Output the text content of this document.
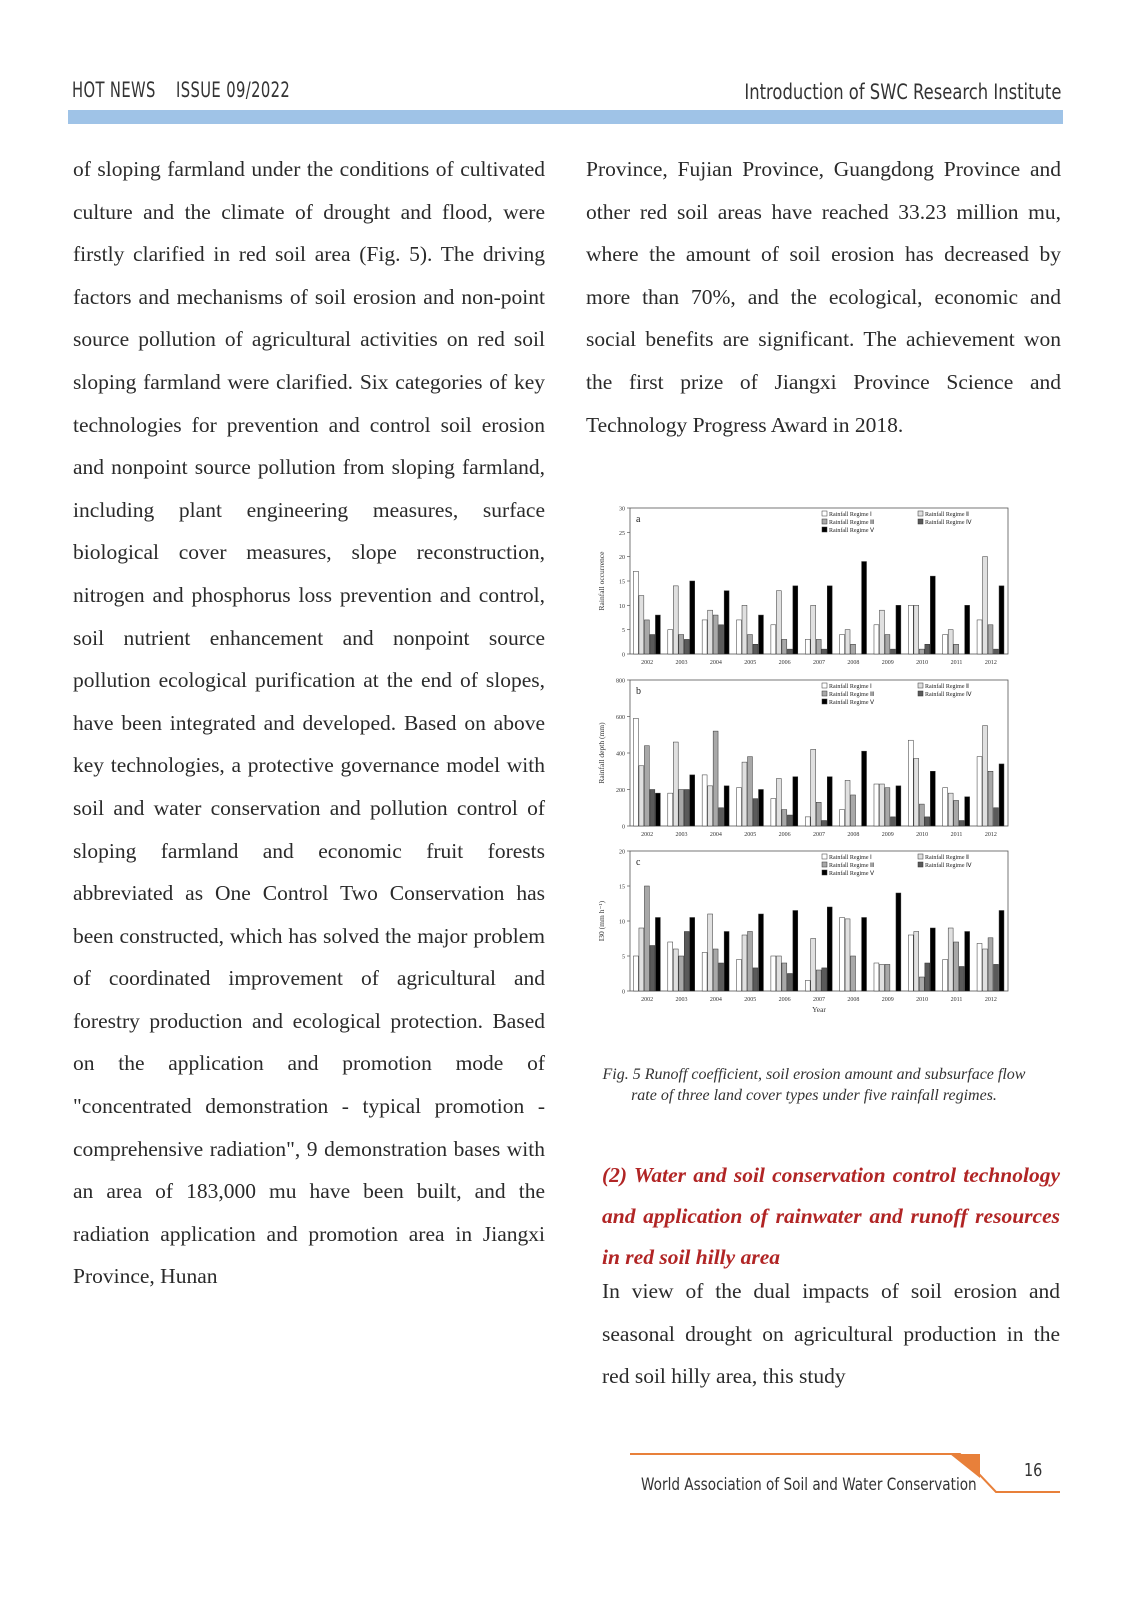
HOT NEWS ISSUE 09/2022	Introduction of SWC Research Institute

of sloping farmland under the conditions of cultivated culture and the climate of drought and flood, were firstly clarified in red soil area (Fig. 5). The driving factors and mechanisms of soil erosion and non-point source pollution of agricultural activities on red soil sloping farmland were clarified. Six categories of key technologies for prevention and control soil erosion and nonpoint source pollution from sloping farmland, including plant engineering measures, surface biological cover measures, slope reconstruction, nitrogen and phosphorus loss prevention and control, soil nutrient enhancement and nonpoint source pollution ecological purification at the end of slopes, have been integrated and developed. Based on above key technologies, a protective governance model with soil and water conservation and pollution control of sloping farmland and economic fruit forests abbreviated as One Control Two Conservation has been constructed, which has solved the major problem of coordinated improvement of agricultural and forestry production and ecological protection. Based on the application and promotion mode of "concentrated demonstration - typical promotion - comprehensive radiation", 9 demonstration bases with an area of 183,000 mu have been built, and the radiation application and promotion area in Jiangxi Province, Hunan

Province, Fujian Province, Guangdong Province and other red soil areas have reached 33.23 million mu, where the amount of soil erosion has decreased by more than 70%, and the ecological, economic and social benefits are significant. The achievement won the first prize of Jiangxi Province Science and Technology Progress Award in 2018.

0
5
10
15
20
25
30
Rainfall occurrence
a
2002	2003	2004	2005	2006	2007	2008	2009	2010	2011	2012
Rainfall Regime Ⅰ	Rainfall Regime Ⅱ
Rainfall Regime Ⅲ	Rainfall Regime Ⅳ
Rainfall Regime Ⅴ
0
200
400
600
800
Rainfall depth (mm)
b
2002	2003	2004	2005	2006	2007	2008	2009	2010	2011	2012
Rainfall Regime Ⅰ	Rainfall Regime Ⅱ
Rainfall Regime Ⅲ	Rainfall Regime Ⅳ
Rainfall Regime Ⅴ
0
5
10
15
20
I30 (mm h⁻¹)
c
2002	2003	2004	2005	2006	2007	2008	2009	2010	2011	2012
Rainfall Regime Ⅰ	Rainfall Regime Ⅱ
Rainfall Regime Ⅲ	Rainfall Regime Ⅳ
Rainfall Regime Ⅴ
Year
Fig. 5 Runoff coefficient, soil erosion amount and subsurface flow rate of three land cover types under five rainfall regimes.
(2) Water and soil conservation control technology and application of rainwater and runoff resources in red soil hilly area

In view of the dual impacts of soil erosion and seasonal drought on agricultural production in the red soil hilly area, this study

World Association of Soil and Water Conservation
16
